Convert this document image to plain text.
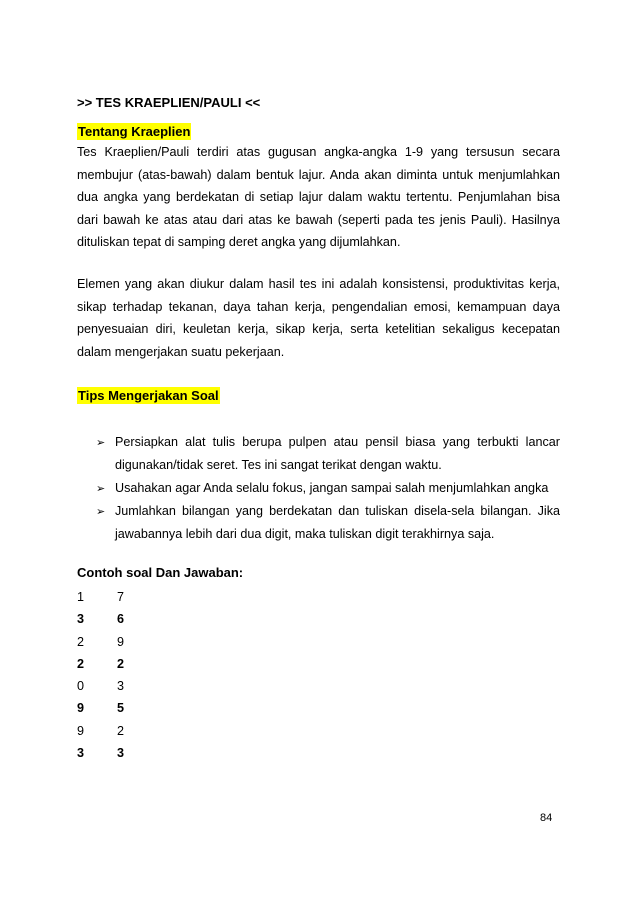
>> TES KRAEPLIEN/PAULI <<
Tentang Kraeplien
Tes Kraeplien/Pauli terdiri atas gugusan angka-angka 1-9 yang tersusun secara membujur (atas-bawah) dalam bentuk lajur. Anda akan diminta untuk menjumlahkan dua angka yang berdekatan di setiap lajur dalam waktu tertentu. Penjumlahan bisa dari bawah ke atas atau dari atas ke bawah (seperti pada tes jenis Pauli). Hasilnya dituliskan tepat di samping deret angka yang dijumlahkan.
Elemen yang akan diukur dalam hasil tes ini adalah konsistensi, produktivitas kerja, sikap terhadap tekanan, daya tahan kerja, pengendalian emosi, kemampuan daya penyesuaian diri, keuletan kerja, sikap kerja, serta ketelitian sekaligus kecepatan dalam mengerjakan suatu pekerjaan.
Tips Mengerjakan Soal
➢ Persiapkan alat tulis berupa pulpen atau pensil biasa yang terbukti lancar digunakan/tidak seret. Tes ini sangat terikat dengan waktu.
➢ Usahakan agar Anda selalu fokus, jangan sampai salah menjumlahkan angka
➢ Jumlahkan bilangan yang berdekatan dan tuliskan disela-sela bilangan. Jika jawabannya lebih dari dua digit, maka tuliskan digit terakhirnya saja.
Contoh soal Dan Jawaban:
1	7
3	6
2	9
2	2
0	3
9	5
9	2
3	3
84
